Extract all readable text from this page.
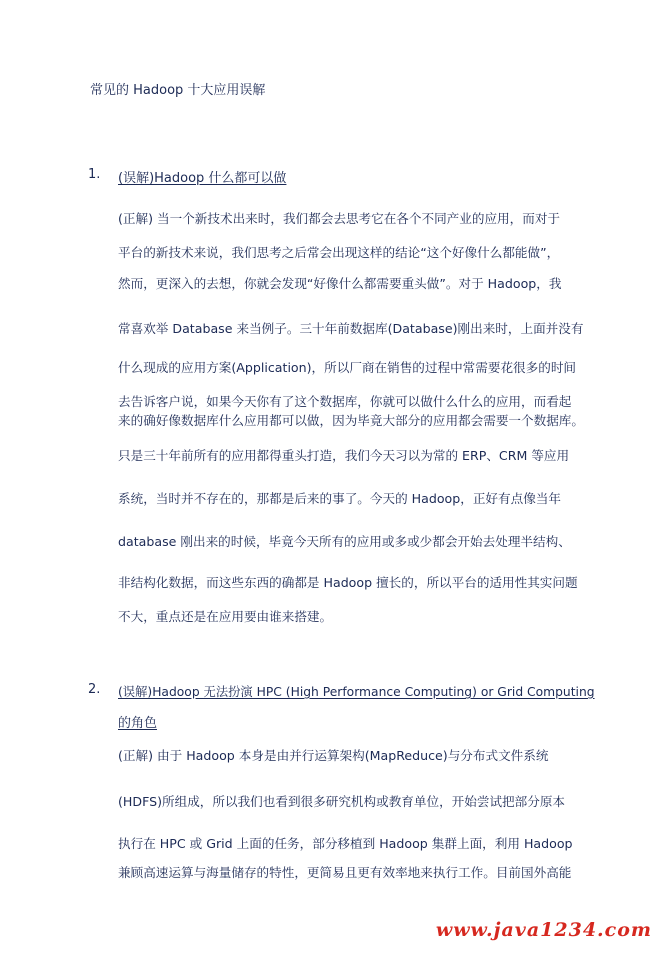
常见的 Hadoop 十大应用误解
1. (误解)Hadoop 什么都可以做
(正解) 当一个新技术出来时，我们都会去思考它在各个不同产业的应用，而对于
平台的新技术来说，我们思考之后常会出现这样的结论“这个好像什么都能做”，
然而，更深入的去想，你就会发现“好像什么都需要重头做”。对于 Hadoop，我
常喜欢举 Database 来当例子。三十年前数据库(Database)刚出来时，上面并没有
什么现成的应用方案(Application)，所以厂商在销售的过程中常需要花很多的时间
去告诉客户说，如果今天你有了这个数据库，你就可以做什么什么的应用，而看起
来的确好像数据库什么应用都可以做，因为毕竟大部分的应用都会需要一个数据库。
只是三十年前所有的应用都得重头打造，我们今天习以为常的 ERP、CRM 等应用
系统，当时并不存在的，那都是后来的事了。今天的 Hadoop，正好有点像当年
database 刚出来的时候，毕竟今天所有的应用或多或少都会开始去处理半结构、
非结构化数据，而这些东西的确都是 Hadoop 擅长的，所以平台的适用性其实问题
不大，重点还是在应用要由谁来搭建。
2. (误解)Hadoop 无法扮演 HPC (High Performance Computing) or Grid Computing
的角色
(正解) 由于 Hadoop 本身是由并行运算架构(MapReduce)与分布式文件系统
(HDFS)所组成，所以我们也看到很多研究机构或教育单位，开始尝试把部分原本
执行在 HPC 或 Grid 上面的任务，部分移植到 Hadoop 集群上面，利用 Hadoop
兼顾高速运算与海量储存的特性，更简易且更有效率地来执行工作。目前国外高能
www.java1234.com
